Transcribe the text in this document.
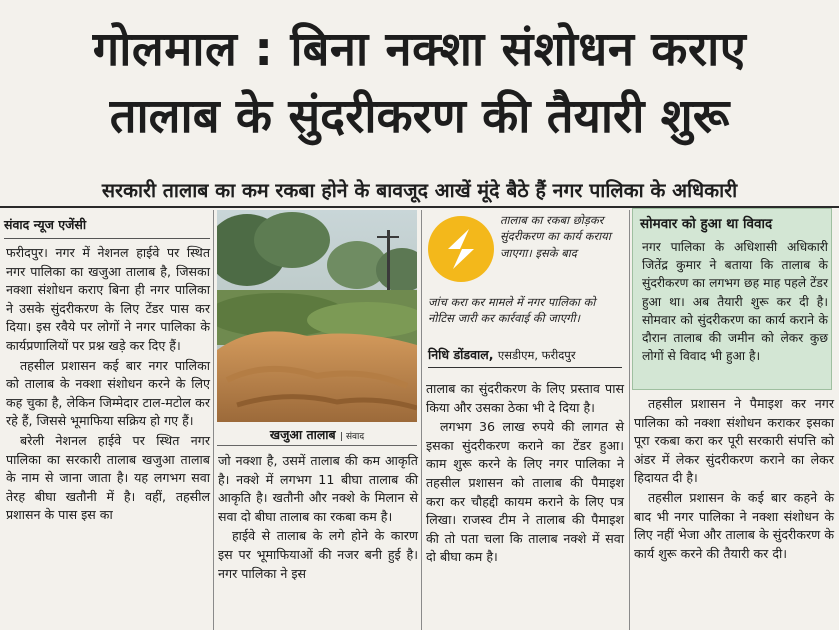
गोलमाल : बिना नक्शा संशोधन कराए
तालाब के सुंदरीकरण की तैयारी शुरू
सरकारी तालाब का कम रकबा होने के बावजूद आखें मूंदे बैठे हैं नगर पालिका के अधिकारी
संवाद न्यूज एजेंसी

फरीदपुर। नगर में नेशनल हाईवे पर स्थित नगर पालिका का खजुआ तालाब है, जिसका नक्शा संशोधन कराए बिना ही नगर पालिका ने उसके सुंदरीकरण के लिए टेंडर पास कर दिया। इस रवैये पर लोगों ने नगर पालिका के कार्यप्रणालियों पर प्रश्न खड़े कर दिए हैं।

तहसील प्रशासन कई बार नगर पालिका को तालाब के नक्शा संशोधन करने के लिए कह चुका है, लेकिन जिम्मेदार टाल-मटोल कर रहे हैं, जिससे भूमाफिया सक्रिय हो गए हैं।

बरेली नेशनल हाईवे पर स्थित नगर पालिका का सरकारी तालाब खजुआ तालाब के नाम से जाना जाता है। यह लगभग सवा तेरह बीघा खतौनी में है। वहीं, तहसील प्रशासन के पास इस का

खजुआ तालाब | संवाद

जो नक्शा है, उसमें तालाब की कम आकृति है। नक्शे में लगभग 11 बीघा तालाब की आकृति है। खतौनी और नक्शे के मिलान से सवा दो बीघा तालाब का रकबा कम है।

हाईवे से तालाब के लगे होने के कारण इस पर भूमाफियाओं की नजर बनी हुई है। नगर पालिका ने इस

तालाब का रकबा छोड़कर सुंदरीकरण का कार्य कराया जाएगा। इसके बाद
जांच करा कर मामले में नगर पालिका को नोटिस जारी कर कार्रवाई की जाएगी।
निधि डोंडवाल, एसडीएम, फरीदपुर

तालाब का सुंदरीकरण के लिए प्रस्ताव पास किया और उसका ठेका भी दे दिया है।

लगभग 36 लाख रुपये की लागत से इसका सुंदरीकरण कराने का टेंडर हुआ। काम शुरू करने के लिए नगर पालिका ने तहसील प्रशासन को तालाब की पैमाइश करा कर चौहद्दी कायम कराने के लिए पत्र लिखा। राजस्व टीम ने तालाब की पैमाइश की तो पता चला कि तालाब नक्शे में सवा दो बीघा कम है।

सोमवार को हुआ था विवाद
नगर पालिका के अधिशासी अधिकारी जितेंद्र कुमार ने बताया कि तालाब के सुंदरीकरण का लगभग छह माह पहले टेंडर हुआ था। अब तैयारी शुरू कर दी है। सोमवार को सुंदरीकरण का कार्य कराने के दौरान तालाब की जमीन को लेकर कुछ लोगों से विवाद भी हुआ है।

तहसील प्रशासन ने पैमाइश कर नगर पालिका को नक्शा संशोधन कराकर इसका पूरा रकबा करा कर पूरी सरकारी संपत्ति को अंडर में लेकर सुंदरीकरण कराने का लेकर हिदायत दी है।

तहसील प्रशासन के कई बार कहने के बाद भी नगर पालिका ने नक्शा संशोधन के लिए नहीं भेजा और तालाब के सुंदरीकरण के कार्य शुरू करने की तैयारी कर दी।
